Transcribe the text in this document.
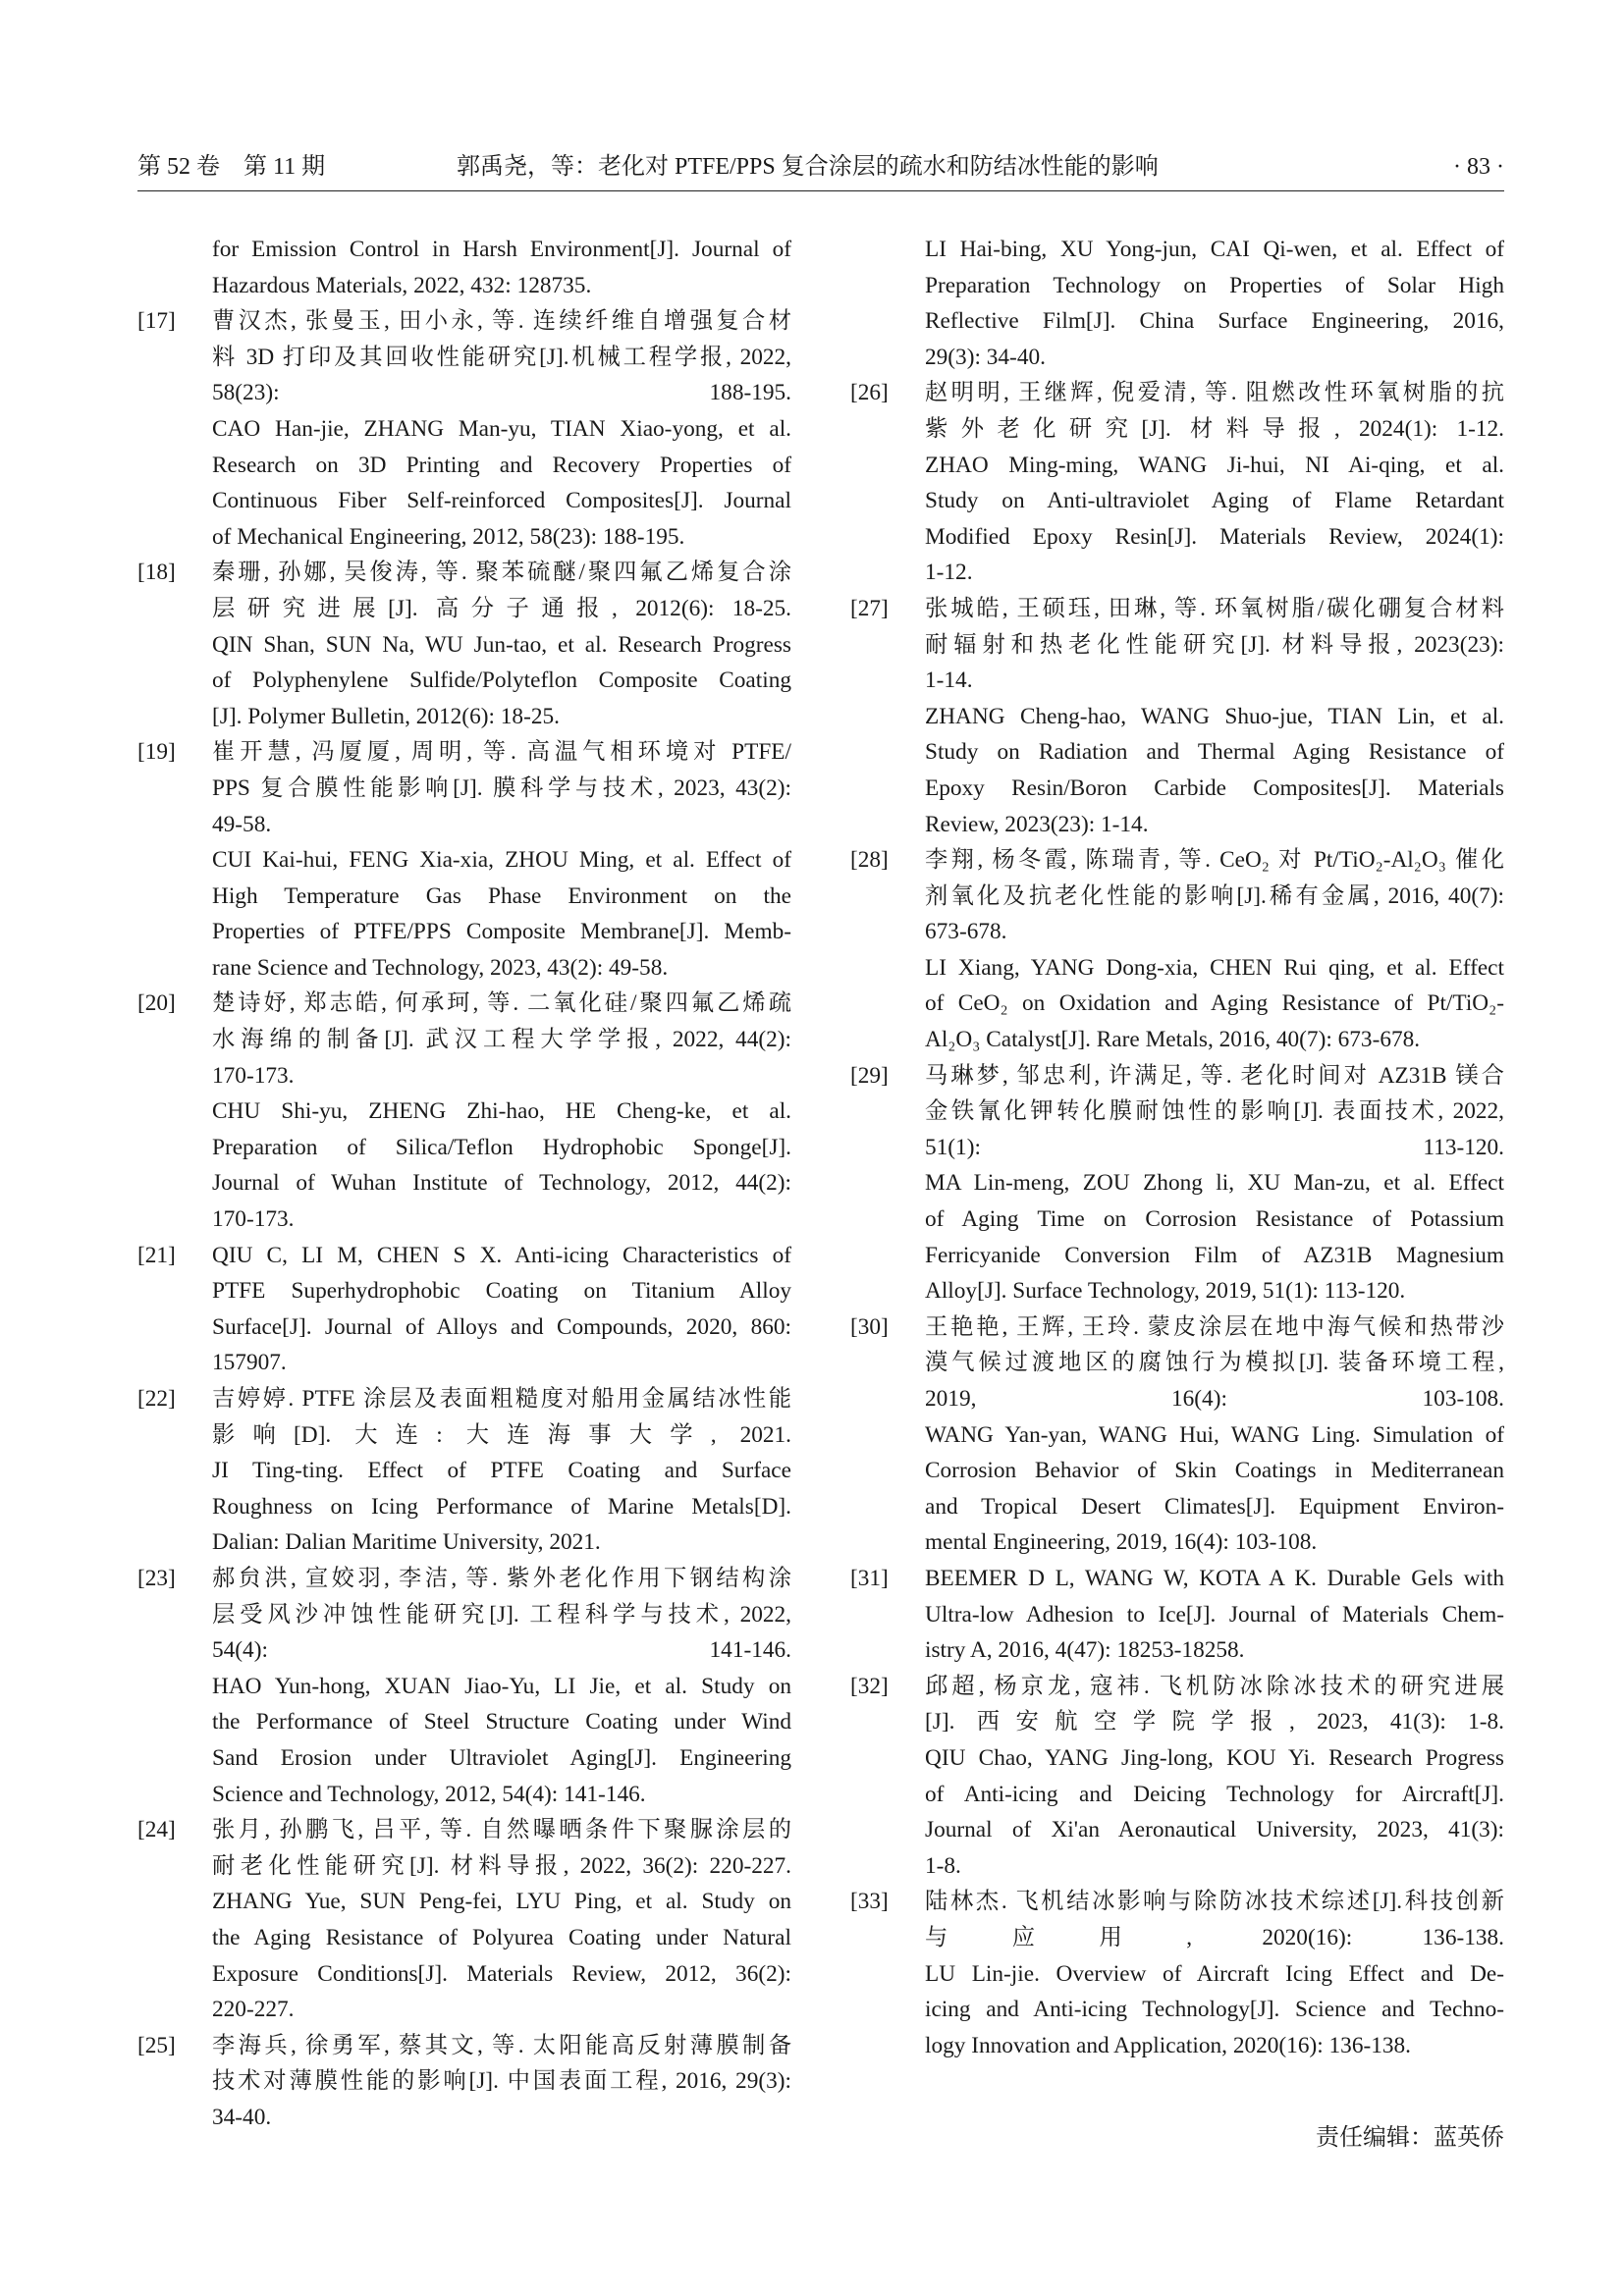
第 52 卷　第 11 期	郭禹尧，等：老化对 PTFE/PPS 复合涂层的疏水和防结冰性能的影响	· 83 ·
for Emission Control in Harsh Environment[J]. Journal of
Hazardous Materials, 2022, 432: 128735.
[17] 曹汉杰, 张曼玉, 田小永, 等. 连续纤维自增强复合材
料 3D 打印及其回收性能研究[J].机械工程学报, 2022,
58(23): 188-195.
CAO Han-jie, ZHANG Man-yu, TIAN Xiao-yong, et al.
Research on 3D Printing and Recovery Properties of
Continuous Fiber Self-reinforced Composites[J]. Journal
of Mechanical Engineering, 2012, 58(23): 188-195.
[18] 秦珊, 孙娜, 吴俊涛, 等. 聚苯硫醚/聚四氟乙烯复合涂
层研究进展[J]. 高分子通报, 2012(6): 18-25.
QIN Shan, SUN Na, WU Jun-tao, et al. Research Progress
of Polyphenylene Sulfide/Polyteflon Composite Coating
[J]. Polymer Bulletin, 2012(6): 18-25.
[19] 崔开慧, 冯厦厦, 周明, 等. 高温气相环境对 PTFE/
PPS 复合膜性能影响[J]. 膜科学与技术, 2023, 43(2):
49-58.
CUI Kai-hui, FENG Xia-xia, ZHOU Ming, et al. Effect of
High Temperature Gas Phase Environment on the
Properties of PTFE/PPS Composite Membrane[J]. Memb-
rane Science and Technology, 2023, 43(2): 49-58.
[20] 楚诗妤, 郑志皓, 何承珂, 等. 二氧化硅/聚四氟乙烯疏
水海绵的制备[J]. 武汉工程大学学报, 2022, 44(2):
170-173.
CHU Shi-yu, ZHENG Zhi-hao, HE Cheng-ke, et al.
Preparation of Silica/Teflon Hydrophobic Sponge[J].
Journal of Wuhan Institute of Technology, 2012, 44(2):
170-173.
[21] QIU C, LI M, CHEN S X. Anti-icing Characteristics of
PTFE Superhydrophobic Coating on Titanium Alloy
Surface[J]. Journal of Alloys and Compounds, 2020, 860:
157907.
[22] 吉婷婷. PTFE 涂层及表面粗糙度对船用金属结冰性能
影响[D]. 大连: 大连海事大学, 2021.
JI Ting-ting. Effect of PTFE Coating and Surface
Roughness on Icing Performance of Marine Metals[D].
Dalian: Dalian Maritime University, 2021.
[23] 郝贠洪, 宣姣羽, 李洁, 等. 紫外老化作用下钢结构涂
层受风沙冲蚀性能研究[J]. 工程科学与技术, 2022,
54(4): 141-146.
HAO Yun-hong, XUAN Jiao-Yu, LI Jie, et al. Study on
the Performance of Steel Structure Coating under Wind
Sand Erosion under Ultraviolet Aging[J]. Engineering
Science and Technology, 2012, 54(4): 141-146.
[24] 张月, 孙鹏飞, 吕平, 等. 自然曝晒条件下聚脲涂层的
耐老化性能研究[J]. 材料导报, 2022, 36(2): 220-227.
ZHANG Yue, SUN Peng-fei, LYU Ping, et al. Study on
the Aging Resistance of Polyurea Coating under Natural
Exposure Conditions[J]. Materials Review, 2012, 36(2):
220-227.
[25] 李海兵, 徐勇军, 蔡其文, 等. 太阳能高反射薄膜制备
技术对薄膜性能的影响[J]. 中国表面工程, 2016, 29(3):
34-40.
LI Hai-bing, XU Yong-jun, CAI Qi-wen, et al. Effect of
Preparation Technology on Properties of Solar High
Reflective Film[J]. China Surface Engineering, 2016,
29(3): 34-40.
[26] 赵明明, 王继辉, 倪爱清, 等. 阻燃改性环氧树脂的抗
紫外老化研究[J]. 材料导报, 2024(1): 1-12.
ZHAO Ming-ming, WANG Ji-hui, NI Ai-qing, et al.
Study on Anti-ultraviolet Aging of Flame Retardant
Modified Epoxy Resin[J]. Materials Review, 2024(1):
1-12.
[27] 张城皓, 王硕珏, 田琳, 等. 环氧树脂/碳化硼复合材料
耐辐射和热老化性能研究[J]. 材料导报, 2023(23):
1-14.
ZHANG Cheng-hao, WANG Shuo-jue, TIAN Lin, et al.
Study on Radiation and Thermal Aging Resistance of
Epoxy Resin/Boron Carbide Composites[J]. Materials
Review, 2023(23): 1-14.
[28] 李翔, 杨冬霞, 陈瑞青, 等. CeO₂ 对 Pt/TiO₂-Al₂O₃ 催化
剂氧化及抗老化性能的影响[J].稀有金属, 2016, 40(7):
673-678.
LI Xiang, YANG Dong-xia, CHEN Rui qing, et al. Effect
of CeO₂ on Oxidation and Aging Resistance of Pt/TiO₂-
Al₂O₃ Catalyst[J]. Rare Metals, 2016, 40(7): 673-678.
[29] 马琳梦, 邹忠利, 许满足, 等. 老化时间对 AZ31B 镁合
金铁氰化钾转化膜耐蚀性的影响[J]. 表面技术, 2022,
51(1): 113-120.
MA Lin-meng, ZOU Zhong li, XU Man-zu, et al. Effect
of Aging Time on Corrosion Resistance of Potassium
Ferricyanide Conversion Film of AZ31B Magnesium
Alloy[J]. Surface Technology, 2019, 51(1): 113-120.
[30] 王艳艳, 王辉, 王玲. 蒙皮涂层在地中海气候和热带沙
漠气候过渡地区的腐蚀行为模拟[J]. 装备环境工程,
2019, 16(4): 103-108.
WANG Yan-yan, WANG Hui, WANG Ling. Simulation of
Corrosion Behavior of Skin Coatings in Mediterranean
and Tropical Desert Climates[J]. Equipment Environ-
mental Engineering, 2019, 16(4): 103-108.
[31] BEEMER D L, WANG W, KOTA A K. Durable Gels with
Ultra-low Adhesion to Ice[J]. Journal of Materials Chem-
istry A, 2016, 4(47): 18253-18258.
[32] 邱超, 杨京龙, 寇祎. 飞机防冰除冰技术的研究进展
[J]. 西安航空学院学报, 2023, 41(3): 1-8.
QIU Chao, YANG Jing-long, KOU Yi. Research Progress
of Anti-icing and Deicing Technology for Aircraft[J].
Journal of Xi'an Aeronautical University, 2023, 41(3):
1-8.
[33] 陆林杰. 飞机结冰影响与除防冰技术综述[J].科技创新
与应用, 2020(16): 136-138.
LU Lin-jie. Overview of Aircraft Icing Effect and De-
icing and Anti-icing Technology[J]. Science and Techno-
logy Innovation and Application, 2020(16): 136-138.
责任编辑：蓝英侨
